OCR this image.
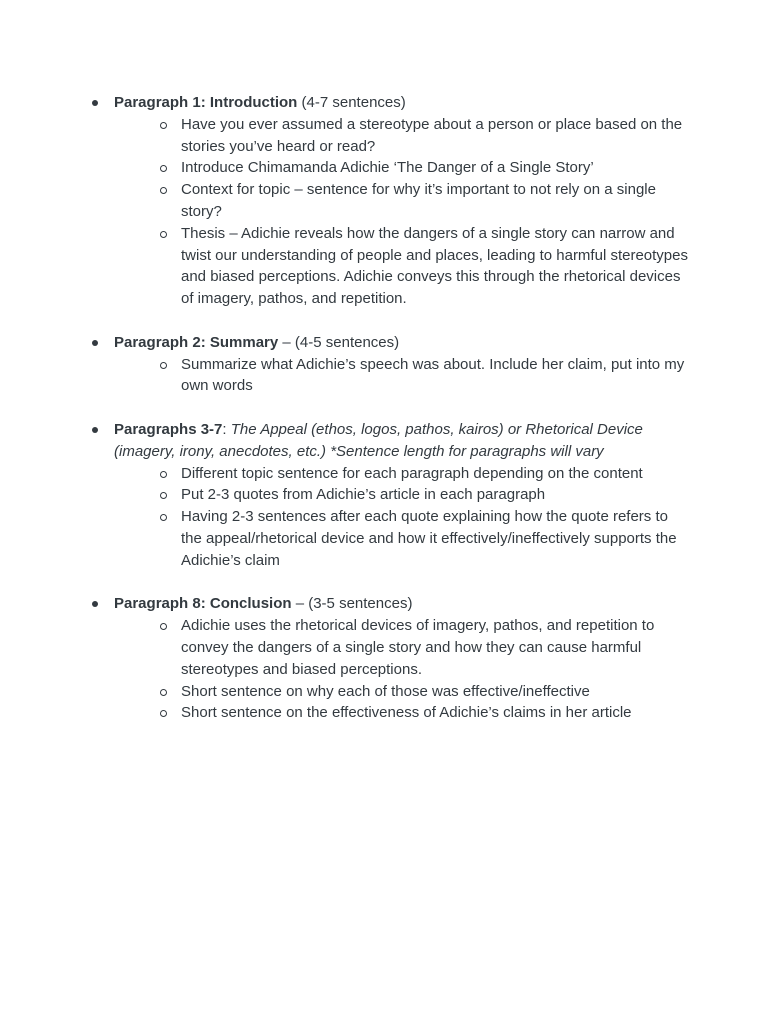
Paragraph 1: Introduction (4-7 sentences)
Have you ever assumed a stereotype about a person or place based on the stories you’ve heard or read?
Introduce Chimamanda Adichie ‘The Danger of a Single Story’
Context for topic – sentence for why it’s important to not rely on a single story?
Thesis – Adichie reveals how the dangers of a single story can narrow and twist our understanding of people and places, leading to harmful stereotypes and biased perceptions. Adichie conveys this through the rhetorical devices of imagery, pathos, and repetition.
Paragraph 2: Summary – (4-5 sentences)
Summarize what Adichie’s speech was about. Include her claim, put into my own words
Paragraphs 3-7: The Appeal (ethos, logos, pathos, kairos) or Rhetorical Device (imagery, irony, anecdotes, etc.) *Sentence length for paragraphs will vary
Different topic sentence for each paragraph depending on the content
Put 2-3 quotes from Adichie’s article in each paragraph
Having 2-3 sentences after each quote explaining how the quote refers to the appeal/rhetorical device and how it effectively/ineffectively supports the Adichie’s claim
Paragraph 8: Conclusion – (3-5 sentences)
Adichie uses the rhetorical devices of imagery, pathos, and repetition to convey the dangers of a single story and how they can cause harmful stereotypes and biased perceptions.
Short sentence on why each of those was effective/ineffective
Short sentence on the effectiveness of Adichie’s claims in her article
